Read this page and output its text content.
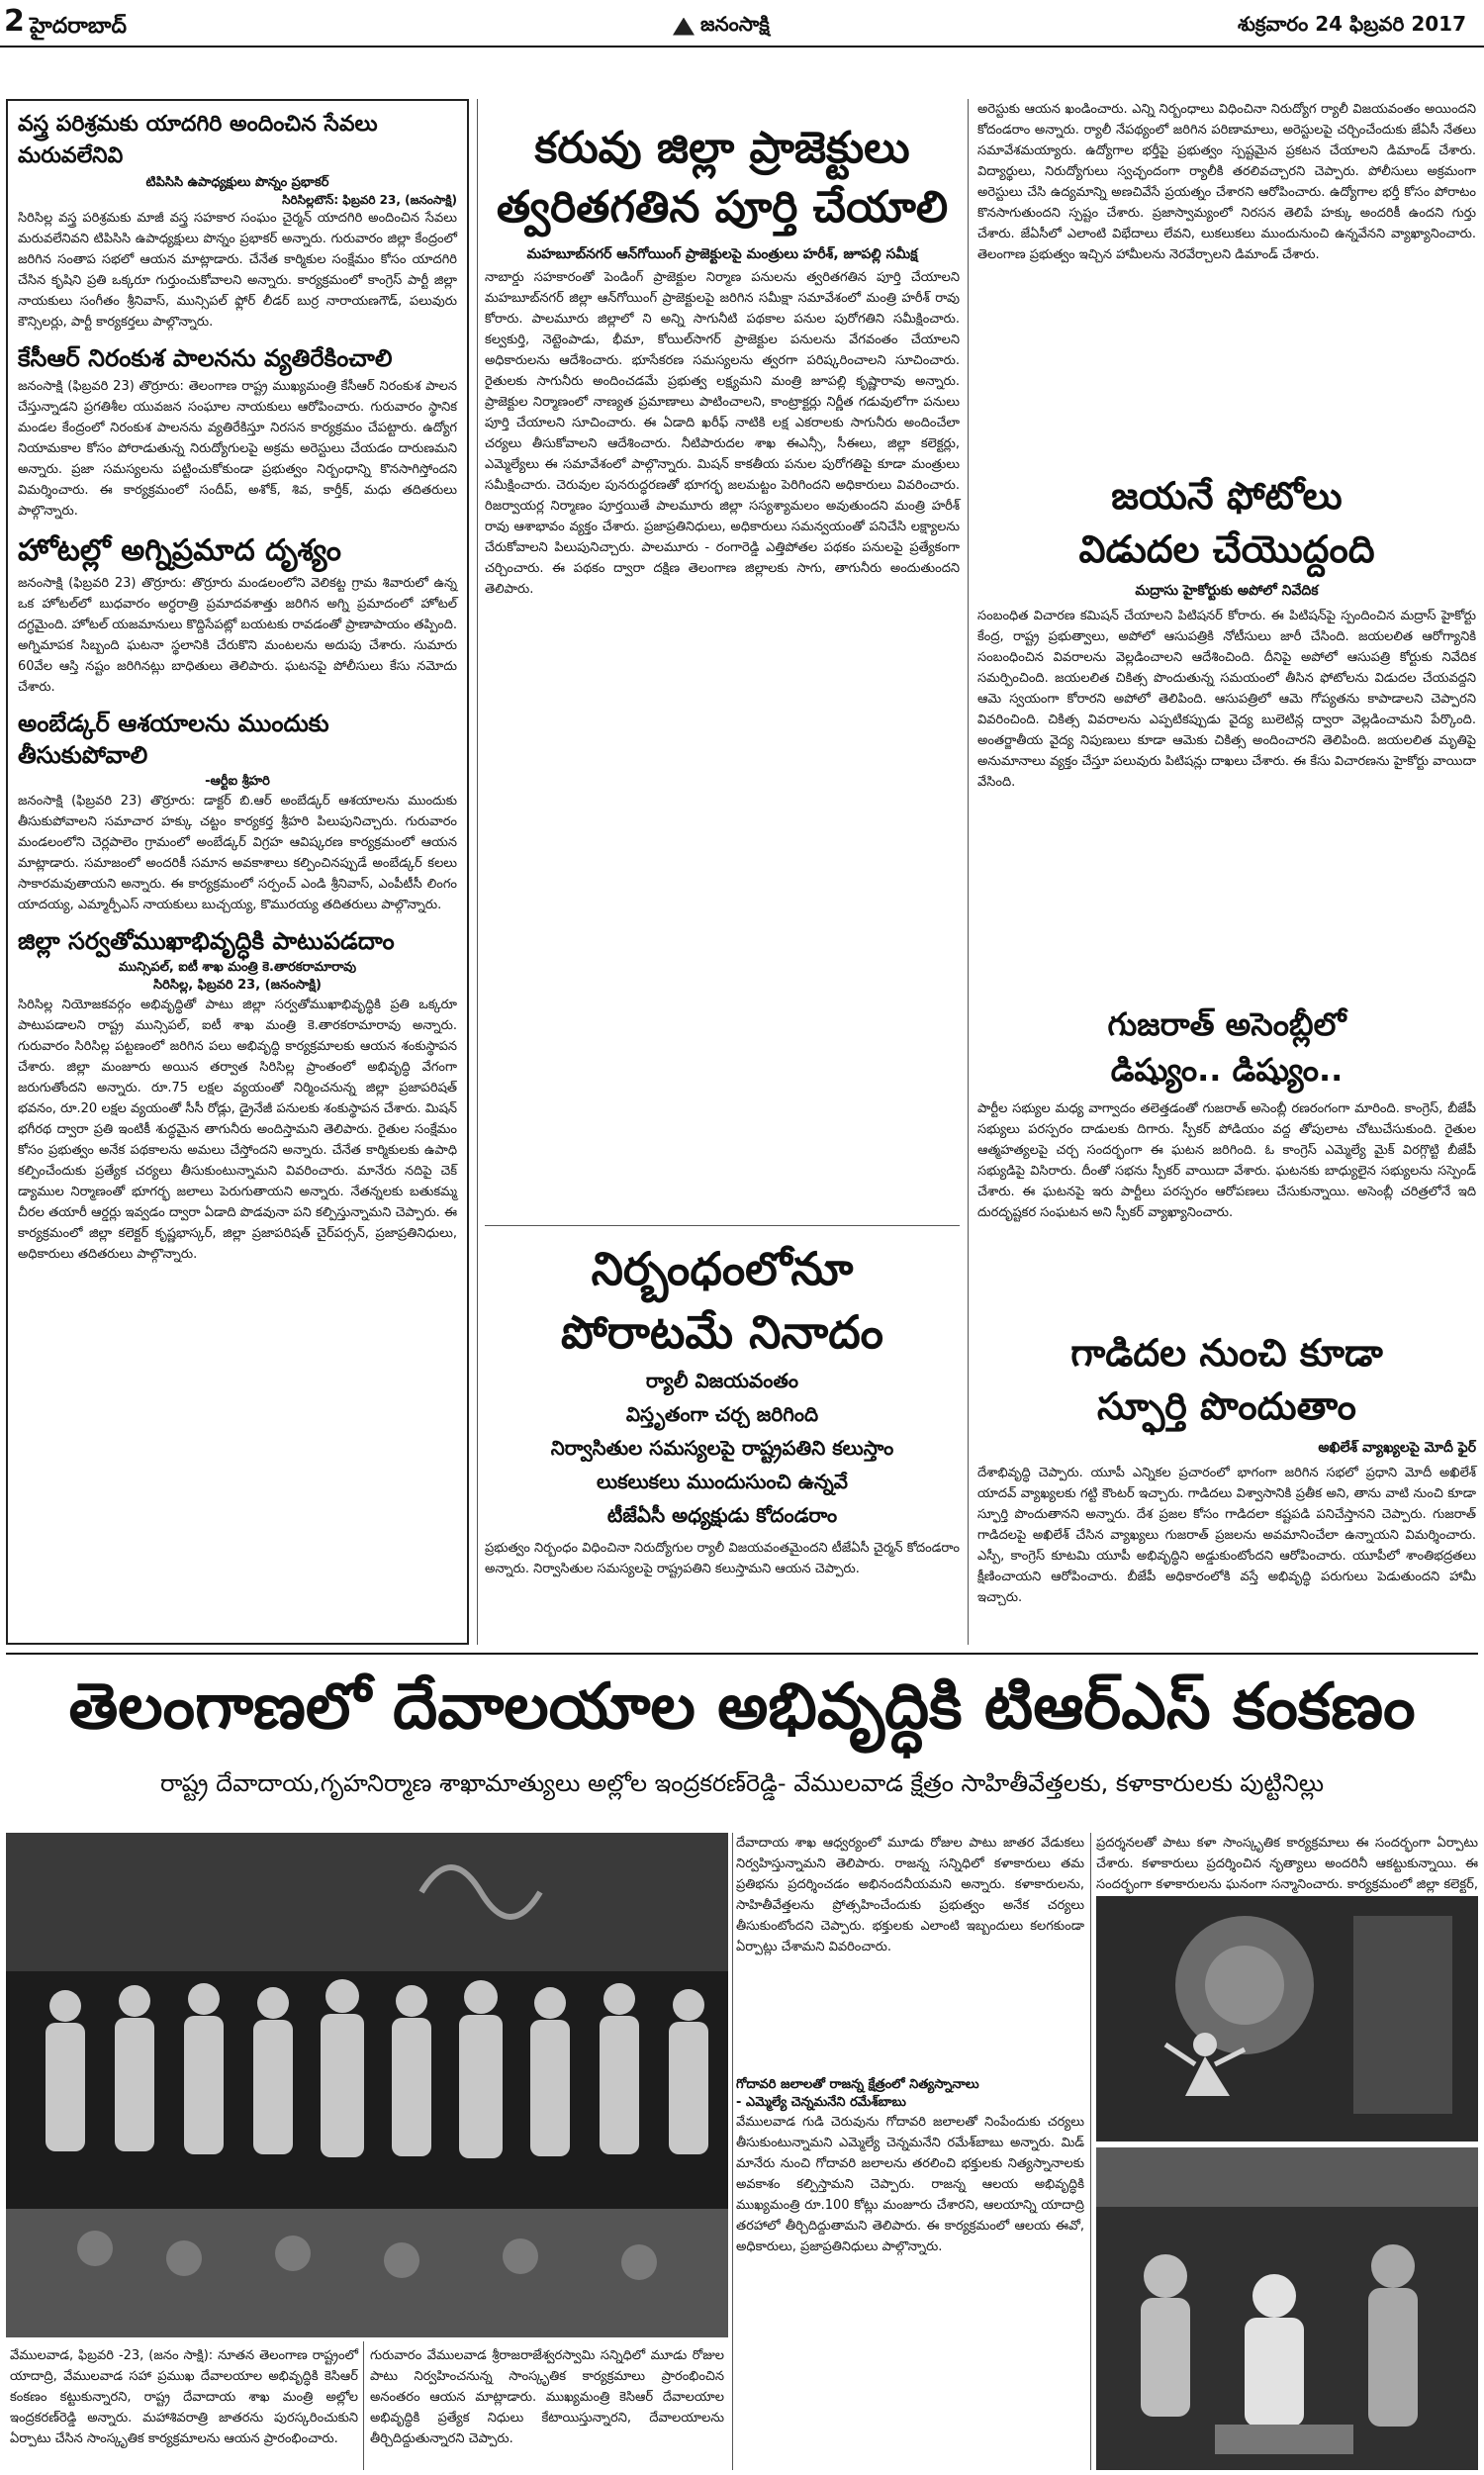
2 హైదరాబాద్	జనంసాక్షి	శుక్రవారం 24 ఫిబ్రవరి 2017
వస్త్ర పరిశ్రమకు యాదగిరి అందించిన సేవలు మరువలేనివి
టిపిసిసి ఉపాధ్యక్షులు పొన్నం ప్రభాకర్
సిరిసిల్లటౌన్: ఫిబ్రవరి 23, (జనంసాక్షి)

సిరిసిల్ల వస్త్ర పరిశ్రమకు మాజీ వస్త్ర సహకార సంఘం చైర్మన్ యాదగిరి అందించిన సేవలు మరువలేనివని టిపిసిసి ఉపాధ్యక్షులు పొన్నం ప్రభాకర్ అన్నారు. గురువారం జిల్లా కేంద్రంలో జరిగిన సంతాప సభలో ఆయన మాట్లాడారు. చేనేత కార్మికుల సంక్షేమం కోసం యాదగిరి చేసిన కృషిని ప్రతి ఒక్కరూ గుర్తుంచుకోవాలని అన్నారు. కార్యక్రమంలో కాంగ్రెస్ పార్టీ జిల్లా నాయకులు సంగీతం శ్రీనివాస్, మున్సిపల్ ఫ్లోర్ లీడర్ బుర్ర నారాయణగౌడ్, పలువురు కౌన్సిలర్లు, పార్టీ కార్యకర్తలు పాల్గొన్నారు.

కేసీఆర్ నిరంకుశ పాలనను వ్యతిరేకించాలి

జనంసాక్షి (ఫిబ్రవరి 23) తొర్రూరు: తెలంగాణ రాష్ట్ర ముఖ్యమంత్రి కేసీఆర్ నిరంకుశ పాలన చేస్తున్నాడని ప్రగతిశీల యువజన సంఘాల నాయకులు ఆరోపించారు. గురువారం స్థానిక మండల కేంద్రంలో నిరంకుశ పాలనను వ్యతిరేకిస్తూ నిరసన కార్యక్రమం చేపట్టారు. ఉద్యోగ నియామకాల కోసం పోరాడుతున్న నిరుద్యోగులపై అక్రమ అరెస్టులు చేయడం దారుణమని అన్నారు. ప్రజా సమస్యలను పట్టించుకోకుండా ప్రభుత్వం నిర్బంధాన్ని కొనసాగిస్తోందని విమర్శించారు. ఈ కార్యక్రమంలో సందీప్, అశోక్, శివ, కార్తీక్, మధు తదితరులు పాల్గొన్నారు.

హోటల్లో అగ్నిప్రమాద దృశ్యం

జనంసాక్షి (ఫిబ్రవరి 23) తొర్రూరు: తొర్రూరు మండలంలోని వెలికట్ట గ్రామ శివారులో ఉన్న ఒక హోటల్‌లో బుధవారం అర్ధరాత్రి ప్రమాదవశాత్తు జరిగిన అగ్ని ప్రమాదంలో హోటల్ దగ్ధమైంది. హోటల్ యజమానులు కొద్దిసేపట్లో బయటకు రావడంతో ప్రాణాపాయం తప్పింది. అగ్నిమాపక సిబ్బంది ఘటనా స్థలానికి చేరుకొని మంటలను అదుపు చేశారు. సుమారు 60వేల ఆస్తి నష్టం జరిగినట్లు బాధితులు తెలిపారు. ఘటనపై పోలీసులు కేసు నమోదు చేశారు.

అంబేడ్కర్ ఆశయాలను ముందుకు తీసుకుపోవాలి
-ఆర్టీఐ శ్రీహరి

జనంసాక్షి (ఫిబ్రవరి 23) తొర్రూరు: డాక్టర్ బి.ఆర్ అంబేడ్కర్ ఆశయాలను ముందుకు తీసుకుపోవాలని సమాచార హక్కు చట్టం కార్యకర్త శ్రీహరి పిలుపునిచ్చారు. గురువారం మండలంలోని చెర్లపాలెం గ్రామంలో అంబేడ్కర్ విగ్రహ ఆవిష్కరణ కార్యక్రమంలో ఆయన మాట్లాడారు. సమాజంలో అందరికీ సమాన అవకాశాలు కల్పించినప్పుడే అంబేడ్కర్ కలలు సాకారమవుతాయని అన్నారు. ఈ కార్యక్రమంలో సర్పంచ్ ఎండి శ్రీనివాస్, ఎంపీటీసీ లింగం యాదయ్య, ఎమ్మార్పీఎస్ నాయకులు బుచ్చయ్య, కొమురయ్య తదితరులు పాల్గొన్నారు.

జిల్లా సర్వతోముఖాభివృద్ధికి పాటుపడదాం
మున్సిపల్, ఐటీ శాఖ మంత్రి కె.తారకరామారావు
సిరిసిల్ల, ఫిబ్రవరి 23, (జనంసాక్షి)

సిరిసిల్ల నియోజకవర్గం అభివృద్ధితో పాటు జిల్లా సర్వతోముఖాభివృద్ధికి ప్రతి ఒక్కరూ పాటుపడాలని రాష్ట్ర మున్సిపల్, ఐటీ శాఖ మంత్రి కె.తారకరామారావు అన్నారు. గురువారం సిరిసిల్ల పట్టణంలో జరిగిన పలు అభివృద్ధి కార్యక్రమాలకు ఆయన శంకుస్థాపన చేశారు. జిల్లా మంజూరు అయిన తర్వాత సిరిసిల్ల ప్రాంతంలో అభివృద్ధి వేగంగా జరుగుతోందని అన్నారు. రూ.75 లక్షల వ్యయంతో నిర్మించనున్న జిల్లా ప్రజాపరిషత్ భవనం, రూ.20 లక్షల వ్యయంతో సీసీ రోడ్లు, డ్రైనేజీ పనులకు శంకుస్థాపన చేశారు. మిషన్ భగీరథ ద్వారా ప్రతి ఇంటికీ శుద్ధమైన తాగునీరు అందిస్తామని తెలిపారు. రైతుల సంక్షేమం కోసం ప్రభుత్వం అనేక పథకాలను అమలు చేస్తోందని అన్నారు. చేనేత కార్మికులకు ఉపాధి కల్పించేందుకు ప్రత్యేక చర్యలు తీసుకుంటున్నామని వివరించారు. మానేరు నదిపై చెక్ డ్యాముల నిర్మాణంతో భూగర్భ జలాలు పెరుగుతాయని అన్నారు. నేతన్నలకు బతుకమ్మ చీరల తయారీ ఆర్డర్లు ఇవ్వడం ద్వారా ఏడాది పొడవునా పని కల్పిస్తున్నామని చెప్పారు. ఈ కార్యక్రమంలో జిల్లా కలెక్టర్ కృష్ణభాస్కర్, జిల్లా ప్రజాపరిషత్ చైర్‌పర్సన్, ప్రజాప్రతినిధులు, అధికారులు తదితరులు పాల్గొన్నారు.

కరువు జిల్లా ప్రాజెక్టులు
త్వరితగతిన పూర్తి చేయాలి
మహబూబ్‌నగర్ ఆన్‌గోయింగ్ ప్రాజెక్టులపై మంత్రులు హరీశ్, జూపల్లి సమీక్ష

నాబార్డు సహకారంతో పెండింగ్ ప్రాజెక్టుల నిర్మాణ పనులను త్వరితగతిన పూర్తి చేయాలని మహబూబ్‌నగర్ జిల్లా ఆన్‌గోయింగ్ ప్రాజెక్టులపై జరిగిన సమీక్షా సమావేశంలో మంత్రి హరీశ్ రావు కోరారు. పాలమూరు జిల్లాలో ని అన్ని సాగునీటి పథకాల పనుల పురోగతిని సమీక్షించారు. కల్వకుర్తి, నెట్టెంపాడు, భీమా, కోయిల్‌సాగర్ ప్రాజెక్టుల పనులను వేగవంతం చేయాలని అధికారులను ఆదేశించారు. భూసేకరణ సమస్యలను త్వరగా పరిష్కరించాలని సూచించారు. రైతులకు సాగునీరు అందించడమే ప్రభుత్వ లక్ష్యమని మంత్రి జూపల్లి కృష్ణారావు అన్నారు. ప్రాజెక్టుల నిర్మాణంలో నాణ్యత ప్రమాణాలు పాటించాలని, కాంట్రాక్టర్లు నిర్ణీత గడువులోగా పనులు పూర్తి చేయాలని సూచించారు. ఈ ఏడాది ఖరీఫ్ నాటికి లక్ష ఎకరాలకు సాగునీరు అందించేలా చర్యలు తీసుకోవాలని ఆదేశించారు. నీటిపారుదల శాఖ ఈఎన్సీ, సీఈలు, జిల్లా కలెక్టర్లు, ఎమ్మెల్యేలు ఈ సమావేశంలో పాల్గొన్నారు. మిషన్ కాకతీయ పనుల పురోగతిపై కూడా మంత్రులు సమీక్షించారు. చెరువుల పునరుద్ధరణతో భూగర్భ జలమట్టం పెరిగిందని అధికారులు వివరించారు. రిజర్వాయర్ల నిర్మాణం పూర్తయితే పాలమూరు జిల్లా సస్యశ్యామలం అవుతుందని మంత్రి హరీశ్ రావు ఆశాభావం వ్యక్తం చేశారు. ప్రజాప్రతినిధులు, అధికారులు సమన్వయంతో పనిచేసి లక్ష్యాలను చేరుకోవాలని పిలుపునిచ్చారు. పాలమూరు - రంగారెడ్డి ఎత్తిపోతల పథకం పనులపై ప్రత్యేకంగా చర్చించారు. ఈ పథకం ద్వారా దక్షిణ తెలంగాణ జిల్లాలకు సాగు, తాగునీరు అందుతుందని తెలిపారు.

నిర్బంధంలోనూ
పోరాటమే నినాదం
ర్యాలీ విజయవంతం
విస్తృతంగా చర్చ జరిగింది
నిర్వాసితుల సమస్యలపై రాష్ట్రపతిని కలుస్తాం
లుకలుకలు ముందుసుంచి ఉన్నవే
టీజేఏసీ అధ్యక్షుడు కోదండరాం

ప్రభుత్వం నిర్బంధం విధించినా నిరుద్యోగుల ర్యాలీ విజయవంతమైందని టీజేఏసీ చైర్మన్ కోదండరాం అన్నారు. నిర్వాసితుల సమస్యలపై రాష్ట్రపతిని కలుస్తామని ఆయన చెప్పారు.

అరెస్టుకు ఆయన ఖండించారు. ఎన్ని నిర్బంధాలు విధించినా నిరుద్యోగ ర్యాలీ విజయవంతం అయిందని కోదండరాం అన్నారు. ర్యాలీ నేపథ్యంలో జరిగిన పరిణామాలు, అరెస్టులపై చర్చించేందుకు జేఏసీ నేతలు సమావేశమయ్యారు. ఉద్యోగాల భర్తీపై ప్రభుత్వం స్పష్టమైన ప్రకటన చేయాలని డిమాండ్ చేశారు. విద్యార్థులు, నిరుద్యోగులు స్వచ్ఛందంగా ర్యాలీకి తరలివచ్చారని చెప్పారు. పోలీసులు అక్రమంగా అరెస్టులు చేసి ఉద్యమాన్ని అణచివేసే ప్రయత్నం చేశారని ఆరోపించారు. ఉద్యోగాల భర్తీ కోసం పోరాటం కొనసాగుతుందని స్పష్టం చేశారు. ప్రజాస్వామ్యంలో నిరసన తెలిపే హక్కు అందరికీ ఉందని గుర్తు చేశారు. జేఏసీలో ఎలాంటి విభేదాలు లేవని, లుకలుకలు ముందునుంచి ఉన్నవేనని వ్యాఖ్యానించారు. తెలంగాణ ప్రభుత్వం ఇచ్చిన హామీలను నెరవేర్చాలని డిమాండ్ చేశారు.

జయనే ఫోటోలు
విడుదల చేయొద్దంది
మద్రాసు హైకోర్టుకు అపోలో నివేదిక

సంబంధిత విచారణ కమిషన్ చేయాలని పిటిషనర్ కోరారు. ఈ పిటిషన్‌పై స్పందించిన మద్రాస్ హైకోర్టు కేంద్ర, రాష్ట్ర ప్రభుత్వాలు, అపోలో ఆసుపత్రికి నోటీసులు జారీ చేసింది. జయలలిత ఆరోగ్యానికి సంబంధించిన వివరాలను వెల్లడించాలని ఆదేశించింది. దీనిపై అపోలో ఆసుపత్రి కోర్టుకు నివేదిక సమర్పించింది. జయలలిత చికిత్స పొందుతున్న సమయంలో తీసిన ఫోటోలను విడుదల చేయవద్దని ఆమె స్వయంగా కోరారని అపోలో తెలిపింది. ఆసుపత్రిలో ఆమె గోప్యతను కాపాడాలని చెప్పారని వివరించింది. చికిత్స వివరాలను ఎప్పటికప్పుడు వైద్య బులెటిన్ల ద్వారా వెల్లడించామని పేర్కొంది. అంతర్జాతీయ వైద్య నిపుణులు కూడా ఆమెకు చికిత్స అందించారని తెలిపింది. జయలలిత మృతిపై అనుమానాలు వ్యక్తం చేస్తూ పలువురు పిటిషన్లు దాఖలు చేశారు. ఈ కేసు విచారణను హైకోర్టు వాయిదా వేసింది.

గుజరాత్ అసెంబ్లీలో
డిష్యుం.. డిష్యుం..

పార్టీల సభ్యుల మధ్య వాగ్వాదం తలెత్తడంతో గుజరాత్ అసెంబ్లీ రణరంగంగా మారింది. కాంగ్రెస్, బీజేపీ సభ్యులు పరస్పరం దాడులకు దిగారు. స్పీకర్ పోడియం వద్ద తోపులాట చోటుచేసుకుంది. రైతుల ఆత్మహత్యలపై చర్చ సందర్భంగా ఈ ఘటన జరిగింది. ఓ కాంగ్రెస్ ఎమ్మెల్యే మైక్ విరగ్గొట్టి బీజేపీ సభ్యుడిపై విసిరారు. దీంతో సభను స్పీకర్ వాయిదా వేశారు. ఘటనకు బాధ్యులైన సభ్యులను సస్పెండ్ చేశారు. ఈ ఘటనపై ఇరు పార్టీలు పరస్పరం ఆరోపణలు చేసుకున్నాయి. అసెంబ్లీ చరిత్రలోనే ఇది దురదృష్టకర సంఘటన అని స్పీకర్ వ్యాఖ్యానించారు.

గాడిదల నుంచి కూడా
స్ఫూర్తి పొందుతాం
అఖిలేశ్ వ్యాఖ్యలపై మోదీ ఫైర్

దేశాభివృద్ధి చెప్పారు. యూపీ ఎన్నికల ప్రచారంలో భాగంగా జరిగిన సభలో ప్రధాని మోదీ అఖిలేశ్ యాదవ్ వ్యాఖ్యలకు గట్టి కౌంటర్ ఇచ్చారు. గాడిదలు విశ్వాసానికి ప్రతీక అని, తాను వాటి నుంచి కూడా స్ఫూర్తి పొందుతానని అన్నారు. దేశ ప్రజల కోసం గాడిదలా కష్టపడి పనిచేస్తానని చెప్పారు. గుజరాత్ గాడిదలపై అఖిలేశ్ చేసిన వ్యాఖ్యలు గుజరాత్ ప్రజలను అవమానించేలా ఉన్నాయని విమర్శించారు. ఎస్పీ, కాంగ్రెస్ కూటమి యూపీ అభివృద్ధిని అడ్డుకుంటోందని ఆరోపించారు. యూపీలో శాంతిభద్రతలు క్షీణించాయని ఆరోపించారు. బీజేపీ అధికారంలోకి వస్తే అభివృద్ధి పరుగులు పెడుతుందని హామీ ఇచ్చారు.

తెలంగాణలో దేవాలయాల అభివృద్ధికి టిఆర్ఎస్ కంకణం
రాష్ట్ర దేవాదాయ,గృహనిర్మాణ శాఖామాత్యులు అల్లోల ఇంద్రకరణ్‌రెడ్డి- వేములవాడ క్షేత్రం సాహితీవేత్తలకు, కళాకారులకు పుట్టినిల్లు

వేములవాడ, ఫిబ్రవరి -23, (జనం సాక్షి): నూతన తెలంగాణ రాష్ట్రంలో యాదాద్రి, వేములవాడ సహా ప్రముఖ దేవాలయాల అభివృద్ధికి కెసిఆర్ కంకణం కట్టుకున్నారని, రాష్ట్ర దేవాదాయ శాఖ మంత్రి అల్లోల ఇంద్రకరణ్‌రెడ్డి అన్నారు. మహాశివరాత్రి జాతరను పురస్కరించుకుని ఏర్పాటు చేసిన సాంస్కృతిక కార్యక్రమాలను ఆయన ప్రారంభించారు.

గురువారం వేములవాడ శ్రీరాజరాజేశ్వరస్వామి సన్నిధిలో మూడు రోజుల పాటు నిర్వహించనున్న సాంస్కృతిక కార్యక్రమాలు ప్రారంభించిన అనంతరం ఆయన మాట్లాడారు. ముఖ్యమంత్రి కెసిఆర్ దేవాలయాల అభివృద్ధికి ప్రత్యేక నిధులు కేటాయిస్తున్నారని, దేవాలయాలను తీర్చిదిద్దుతున్నారని చెప్పారు.

దేవాదాయ శాఖ ఆధ్వర్యంలో మూడు రోజుల పాటు జాతర వేడుకలు నిర్వహిస్తున్నామని తెలిపారు. రాజన్న సన్నిధిలో కళాకారులు తమ ప్రతిభను ప్రదర్శించడం అభినందనీయమని అన్నారు. కళాకారులను, సాహితీవేత్తలను ప్రోత్సహించేందుకు ప్రభుత్వం అనేక చర్యలు తీసుకుంటోందని చెప్పారు. భక్తులకు ఎలాంటి ఇబ్బందులు కలగకుండా ఏర్పాట్లు చేశామని వివరించారు.

గోదావరి జలాలతో రాజన్న క్షేత్రంలో నిత్యస్నానాలు
- ఎమ్మెల్యే చెన్నమనేని రమేశ్‌బాబు

వేములవాడ గుడి చెరువును గోదావరి జలాలతో నింపేందుకు చర్యలు తీసుకుంటున్నామని ఎమ్మెల్యే చెన్నమనేని రమేశ్‌బాబు అన్నారు. మిడ్ మానేరు నుంచి గోదావరి జలాలను తరలించి భక్తులకు నిత్యస్నానాలకు అవకాశం కల్పిస్తామని చెప్పారు. రాజన్న ఆలయ అభివృద్ధికి ముఖ్యమంత్రి రూ.100 కోట్లు మంజూరు చేశారని, ఆలయాన్ని యాదాద్రి తరహాలో తీర్చిదిద్దుతామని తెలిపారు. ఈ కార్యక్రమంలో ఆలయ ఈవో, అధికారులు, ప్రజాప్రతినిధులు పాల్గొన్నారు.

ప్రదర్శనలతో పాటు కళా సాంస్కృతిక కార్యక్రమాలు ఈ సందర్భంగా ఏర్పాటు చేశారు. కళాకారులు ప్రదర్శించిన నృత్యాలు అందరినీ ఆకట్టుకున్నాయి. ఈ సందర్భంగా కళాకారులను ఘనంగా సన్మానించారు. కార్యక్రమంలో జిల్లా కలెక్టర్,
